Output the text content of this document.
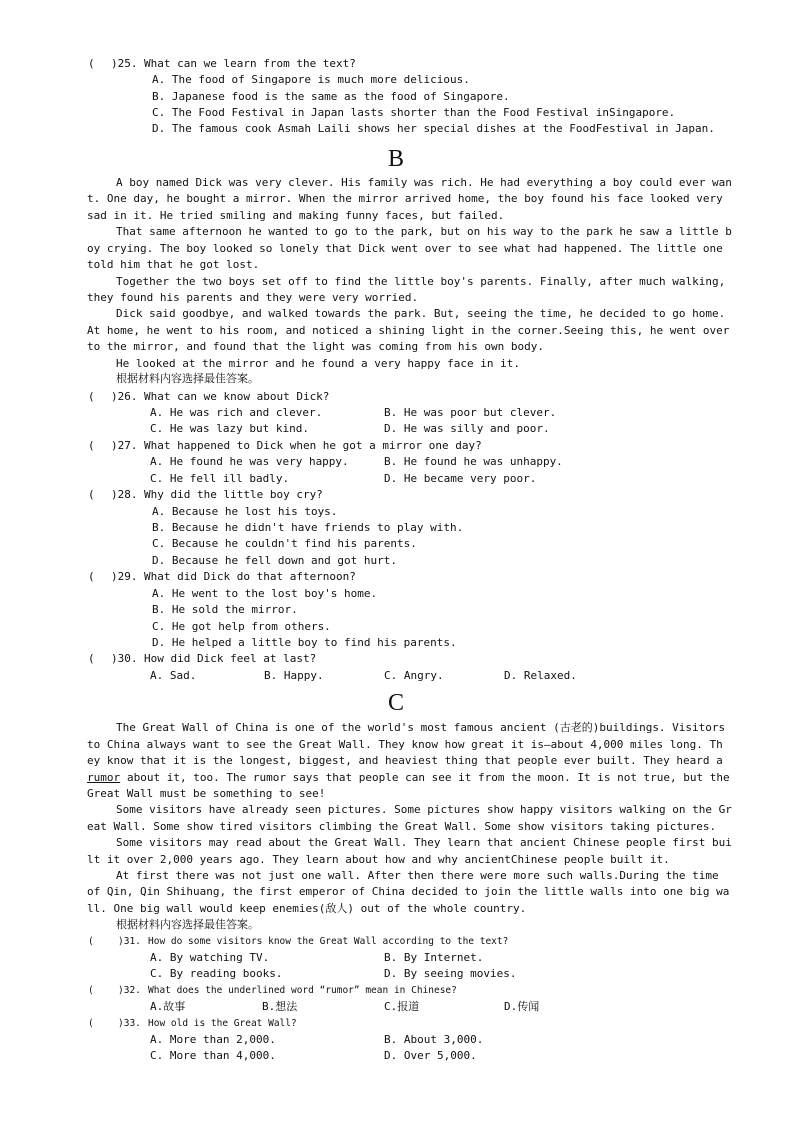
( )25. What can we learn from the text?
A. The food of Singapore is much more delicious.
B. Japanese food is the same as the food of Singapore.
C. The Food Festival in Japan lasts shorter than the Food Festival inSingapore.
D. The famous cook Asmah Laili shows her special dishes at the FoodFestival in Japan.
B
A boy named Dick was very clever. His family was rich. He had everything a boy could ever wan
t. One day, he bought a mirror. When the mirror arrived home, the boy found his face looked very
sad in it. He tried smiling and making funny faces, but failed.
That same afternoon he wanted to go to the park, but on his way to the park he saw a little b
oy crying. The boy looked so lonely that Dick went over to see what had happened. The little one
told him that he got lost.
Together the two boys set off to find the little boy's parents. Finally, after much walking,
they found his parents and they were very worried.
Dick said goodbye, and walked towards the park. But, seeing the time, he decided to go home.
At home, he went to his room, and noticed a shining light in the corner.Seeing this, he went over
to the mirror, and found that the light was coming from his own body.
He looked at the mirror and he found a very happy face in it.
根据材料内容选择最佳答案。
( )26. What can we know about Dick?
A. He was rich and clever.	B. He was poor but clever.
C. He was lazy but kind.	D. He was silly and poor.
( )27. What happened to Dick when he got a mirror one day?
A. He found he was very happy.	B. He found he was unhappy.
C. He fell ill badly.	D. He became very poor.
( )28. Why did the little boy cry?
A. Because he lost his toys.
B. Because he didn't have friends to play with.
C. Because he couldn't find his parents.
D. Because he fell down and got hurt.
( )29. What did Dick do that afternoon?
A. He went to the lost boy's home.
B. He sold the mirror.
C. He got help from others.
D. He helped a little boy to find his parents.
( )30. How did Dick feel at last?
A. Sad.	B. Happy.	C. Angry.	D. Relaxed.
C
The Great Wall of China is one of the world's most famous ancient (古老的)buildings. Visitors
to China always want to see the Great Wall. They know how great it is—about 4,000 miles long. Th
ey know that it is the longest, biggest, and heaviest thing that people ever built. They heard a
rumor about it, too. The rumor says that people can see it from the moon. It is not true, but the
Great Wall must be something to see!
Some visitors have already seen pictures. Some pictures show happy visitors walking on the Gr
eat Wall. Some show tired visitors climbing the Great Wall. Some show visitors taking pictures.
Some visitors may read about the Great Wall. They learn that ancient Chinese people first bui
lt it over 2,000 years ago. They learn about how and why ancientChinese people built it.
At first there was not just one wall. After then there were more such walls.During the time
of Qin, Qin Shihuang, the first emperor of China decided to join the little walls into one big wa
ll. One big wall would keep enemies(敌人) out of the whole country.
根据材料内容选择最佳答案。
(	)31. How do some visitors know the Great Wall according to the text?
A. By watching TV.	B. By Internet.
C. By reading books.	D. By seeing movies.
(	)32. What does the underlined word “rumor” mean in Chinese?
A.故事	B.想法	C.报道	D.传闻
(	)33. How old is the Great Wall?
A. More than 2,000.	B. About 3,000.
C. More than 4,000.	D. Over 5,000.
